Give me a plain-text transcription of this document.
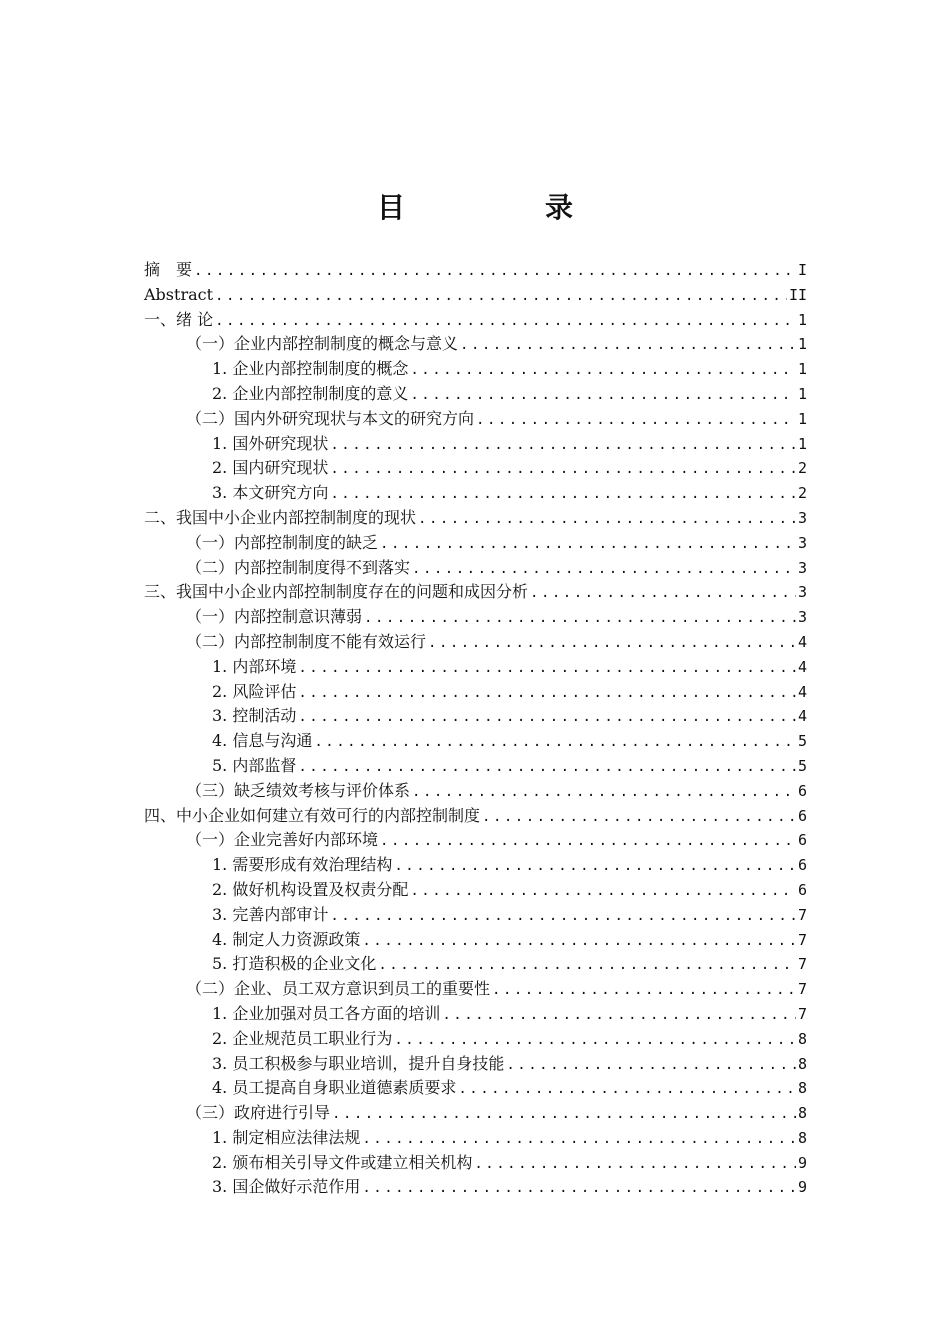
目　录
摘　要 .....	I
Abstract .....	II
一、绪 论 .....	1
（一）企业内部控制制度的概念与意义 .....	1
1. 企业内部控制制度的概念 .....	1
2. 企业内部控制制度的意义 .....	1
（二）国内外研究现状与本文的研究方向 .....	1
1. 国外研究现状 .....	1
2. 国内研究现状 .....	2
3. 本文研究方向 .....	2
二、我国中小企业内部控制制度的现状 .....	3
（一）内部控制制度的缺乏 .....	3
（二）内部控制制度得不到落实 .....	3
三、我国中小企业内部控制制度存在的问题和成因分析 .....	3
（一）内部控制意识薄弱 .....	3
（二）内部控制制度不能有效运行 .....	4
1. 内部环境 .....	4
2. 风险评估 .....	4
3. 控制活动 .....	4
4. 信息与沟通 .....	5
5. 内部监督 .....	5
（三）缺乏绩效考核与评价体系 .....	6
四、中小企业如何建立有效可行的内部控制制度 .....	6
（一）企业完善好内部环境 .....	6
1. 需要形成有效治理结构 .....	6
2. 做好机构设置及权责分配 .....	6
3. 完善内部审计 .....	7
4. 制定人力资源政策 .....	7
5. 打造积极的企业文化 .....	7
（二）企业、员工双方意识到员工的重要性 .....	7
1. 企业加强对员工各方面的培训 .....	7
2. 企业规范员工职业行为 .....	8
3. 员工积极参与职业培训，提升自身技能 .....	8
4. 员工提高自身职业道德素质要求 .....	8
（三）政府进行引导 .....	8
1. 制定相应法律法规 .....	8
2. 颁布相关引导文件或建立相关机构 .....	9
3. 国企做好示范作用 .....	9
